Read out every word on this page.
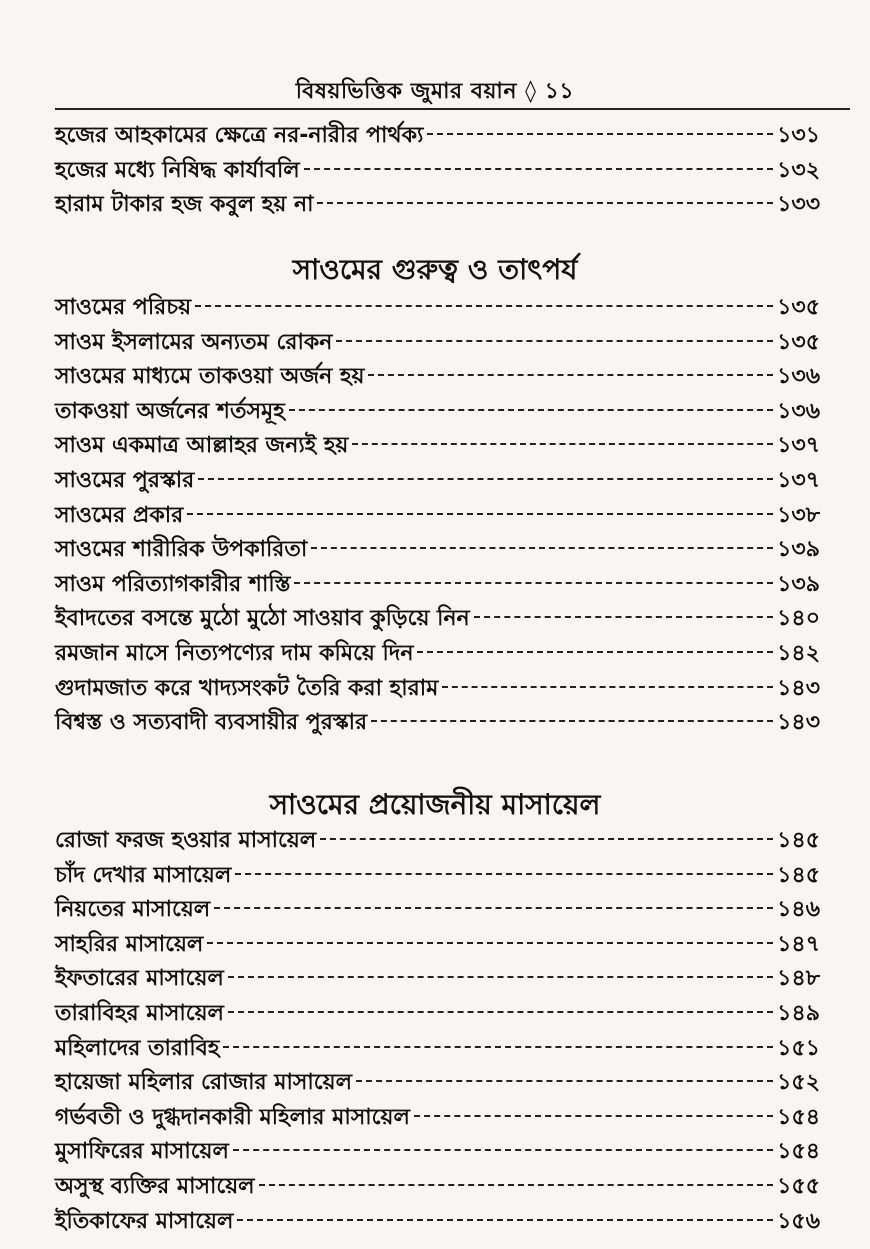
বিষয়ভিত্তিক জুমার বয়ান ◊ ১১
হজের আহকামের ক্ষেত্রে নর-নারীর পার্থক্য	১৩১
হজের মধ্যে নিষিদ্ধ কার্যাবলি	১৩২
হারাম টাকার হজ কবুল হয় না	১৩৩
সাওমের গুরুত্ব ও তাৎপর্য
সাওমের পরিচয়	১৩৫
সাওম ইসলামের অন্যতম রোকন	১৩৫
সাওমের মাধ্যমে তাকওয়া অর্জন হয়	১৩৬
তাকওয়া অর্জনের শর্তসমূহ	১৩৬
সাওম একমাত্র আল্লাহর জন্যই হয়	১৩৭
সাওমের পুরস্কার	১৩৭
সাওমের প্রকার	১৩৮
সাওমের শারীরিক উপকারিতা	১৩৯
সাওম পরিত্যাগকারীর শাস্তি	১৩৯
ইবাদতের বসন্তে মুঠো মুঠো সাওয়াব কুড়িয়ে নিন	১৪০
রমজান মাসে নিত্যপণ্যের দাম কমিয়ে দিন	১৪২
গুদামজাত করে খাদ্যসংকট তৈরি করা হারাম	১৪৩
বিশ্বস্ত ও সত্যবাদী ব্যবসায়ীর পুরস্কার	১৪৩
সাওমের প্রয়োজনীয় মাসায়েল
রোজা ফরজ হওয়ার মাসায়েল	১৪৫
চাঁদ দেখার মাসায়েল	১৪৫
নিয়তের মাসায়েল	১৪৬
সাহরির মাসায়েল	১৪৭
ইফতারের মাসায়েল	১৪৮
তারাবিহর মাসায়েল	১৪৯
মহিলাদের তারাবিহ	১৫১
হায়েজা মহিলার রোজার মাসায়েল	১৫২
গর্ভবতী ও দুগ্ধদানকারী মহিলার মাসায়েল	১৫৪
মুসাফিরের মাসায়েল	১৫৪
অসুস্থ ব্যক্তির মাসায়েল	১৫৫
ইতিকাফের মাসায়েল	১৫৬
